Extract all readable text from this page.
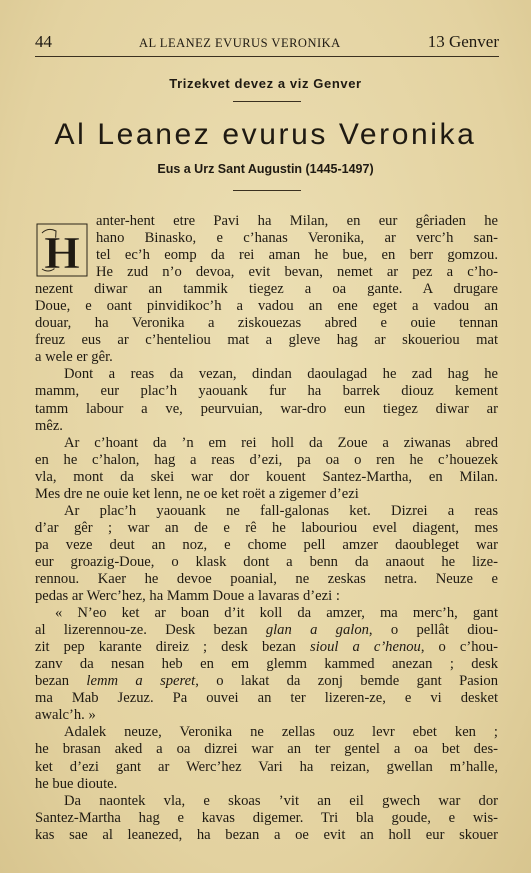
44	AL LEANEZ EVURUS VERONIKA	13 Genver
Trizekvet devez a viz Genver
Al Leanez evurus Veronika
Eus a Urz Sant Augustin (1445-1497)
H
anter-hent etre Pavi ha Milan, en eur gêriaden he
hano Binasko, e c’hanas Veronika, ar verc’h san-
tel ec’h eomp da rei aman he bue, en berr gomzou.
He zud n’o devoa, evit bevan, nemet ar pez a c’ho-
nezent diwar an tammik tiegez a oa gante. A drugare
Doue, e oant pinvidikoc’h a vadou an ene eget a vadou an
douar, ha Veronika a ziskouezas abred e ouie tennan
freuz eus ar c’henteliou mat a gleve hag ar skoueriou mat
a wele er gêr.
Dont a reas da vezan, dindan daoulagad he zad hag he
mamm, eur plac’h yaouank fur ha barrek diouz kement
tamm labour a ve, peurvuian, war-dro eun tiegez diwar ar
mêz.
Ar c’hoant da ’n em rei holl da Zoue a ziwanas abred
en he c’halon, hag a reas d’ezi, pa oa o ren he c’houezek
vla, mont da skei war dor kouent Santez-Martha, en Milan.
Mes dre ne ouie ket lenn, ne oe ket roët a zigemer d’ezi
Ar plac’h yaouank ne fall-galonas ket. Dizrei a reas
d’ar gêr ; war an de e rê he labouriou evel diagent, mes
pa veze deut an noz, e chome pell amzer daoubleget war
eur groazig-Doue, o klask dont a benn da anaout he lize-
rennou. Kaer he devoe poanial, ne zeskas netra. Neuze e
pedas ar Werc’hez, ha Mamm Doue a lavaras d’ezi :
« N’eo ket ar boan d’it koll da amzer, ma merc’h, gant
al lizerennou-ze. Desk bezan glan a galon, o pellât diou-
zit pep karante direiz ; desk bezan sioul a c’henou, o c’hou-
zanv da nesan heb en em glemm kammed anezan ; desk
bezan lemm a speret, o lakat da zonj bemde gant Pasion
ma Mab Jezuz. Pa ouvei an ter lizeren-ze, e vi desket
awalc’h. »
Adalek neuze, Veronika ne zellas ouz levr ebet ken ;
he brasan aked a oa dizrei war an ter gentel a oa bet des-
ket d’ezi gant ar Werc’hez Vari ha reizan, gwellan m’halle,
he bue dioute.
Da naontek vla, e skoas ’vit an eil gwech war dor
Santez-Martha hag e kavas digemer. Tri bla goude, e wis-
kas sae al leanezed, ha bezan a oe evit an holl eur skouer
